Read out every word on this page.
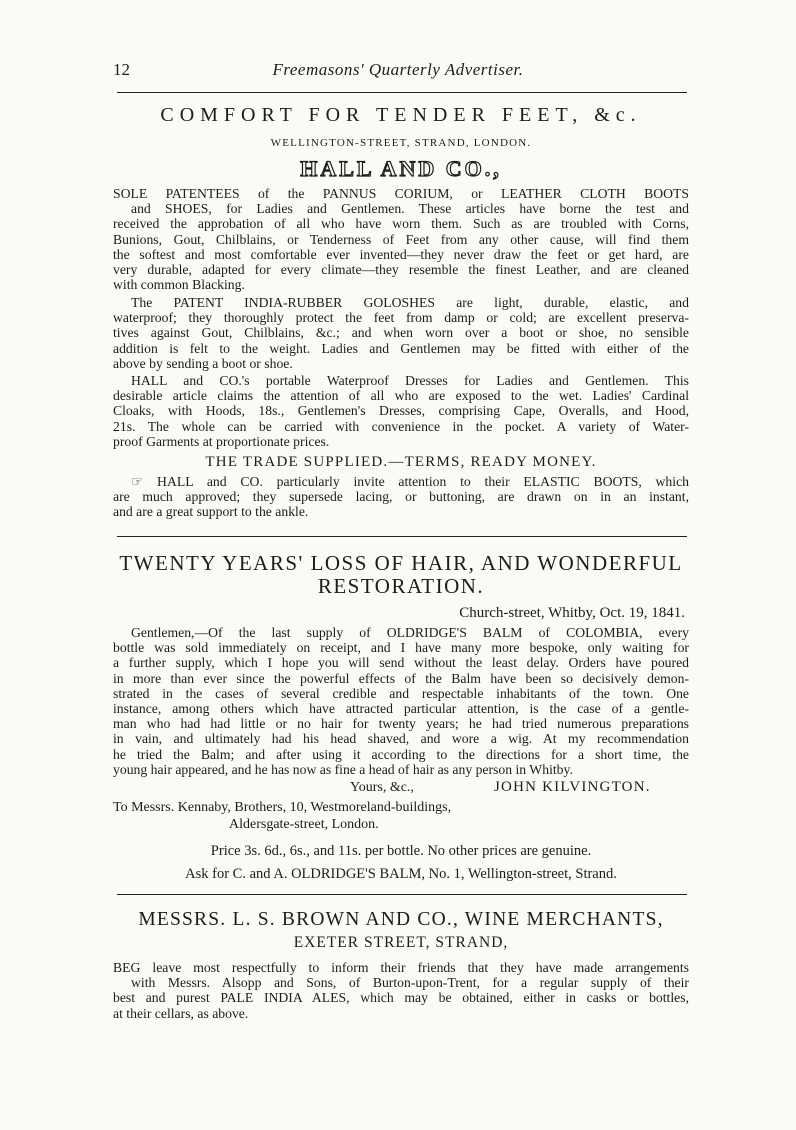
12	Freemasons' Quarterly Advertiser.
COMFORT FOR TENDER FEET, &c.
WELLINGTON-STREET, STRAND, LONDON.
HALL AND CO.,
SOLE PATENTEES of the PANNUS CORIUM, or LEATHER CLOTH BOOTS
and SHOES, for Ladies and Gentlemen. These articles have borne the test and
received the approbation of all who have worn them. Such as are troubled with Corns,
Bunions, Gout, Chilblains, or Tenderness of Feet from any other cause, will find them
the softest and most comfortable ever invented—they never draw the feet or get hard, are
very durable, adapted for every climate—they resemble the finest Leather, and are cleaned
with common Blacking.
The PATENT INDIA-RUBBER GOLOSHES are light, durable, elastic, and
waterproof; they thoroughly protect the feet from damp or cold; are excellent preserva-
tives against Gout, Chilblains, &c.; and when worn over a boot or shoe, no sensible
addition is felt to the weight. Ladies and Gentlemen may be fitted with either of the
above by sending a boot or shoe.
HALL and CO.'s portable Waterproof Dresses for Ladies and Gentlemen. This
desirable article claims the attention of all who are exposed to the wet. Ladies' Cardinal
Cloaks, with Hoods, 18s., Gentlemen's Dresses, comprising Cape, Overalls, and Hood,
21s. The whole can be carried with convenience in the pocket. A variety of Water-
proof Garments at proportionate prices.
THE TRADE SUPPLIED.—TERMS, READY MONEY.
☞ HALL and CO. particularly invite attention to their ELASTIC BOOTS, which
are much approved; they supersede lacing, or buttoning, are drawn on in an instant,
and are a great support to the ankle.
TWENTY YEARS' LOSS OF HAIR, AND WONDERFUL
RESTORATION.
Church-street, Whitby, Oct. 19, 1841.
Gentlemen,—Of the last supply of OLDRIDGE'S BALM of COLOMBIA, every
bottle was sold immediately on receipt, and I have many more bespoke, only waiting for
a further supply, which I hope you will send without the least delay. Orders have poured
in more than ever since the powerful effects of the Balm have been so decisively demon-
strated in the cases of several credible and respectable inhabitants of the town. One
instance, among others which have attracted particular attention, is the case of a gentle-
man who had had little or no hair for twenty years; he had tried numerous preparations
in vain, and ultimately had his head shaved, and wore a wig. At my recommendation
he tried the Balm; and after using it according to the directions for a short time, the
young hair appeared, and he has now as fine a head of hair as any person in Whitby.
Yours, &c.,	JOHN KILVINGTON.
To Messrs. Kennaby, Brothers, 10, Westmoreland-buildings,
Aldersgate-street, London.
Price 3s. 6d., 6s., and 11s. per bottle. No other prices are genuine.
Ask for C. and A. OLDRIDGE'S BALM, No. 1, Wellington-street, Strand.
MESSRS. L. S. BROWN AND CO., WINE MERCHANTS,
EXETER STREET, STRAND,
BEG leave most respectfully to inform their friends that they have made arrangements
with Messrs. Alsopp and Sons, of Burton-upon-Trent, for a regular supply of their
best and purest PALE INDIA ALES, which may be obtained, either in casks or bottles,
at their cellars, as above.
